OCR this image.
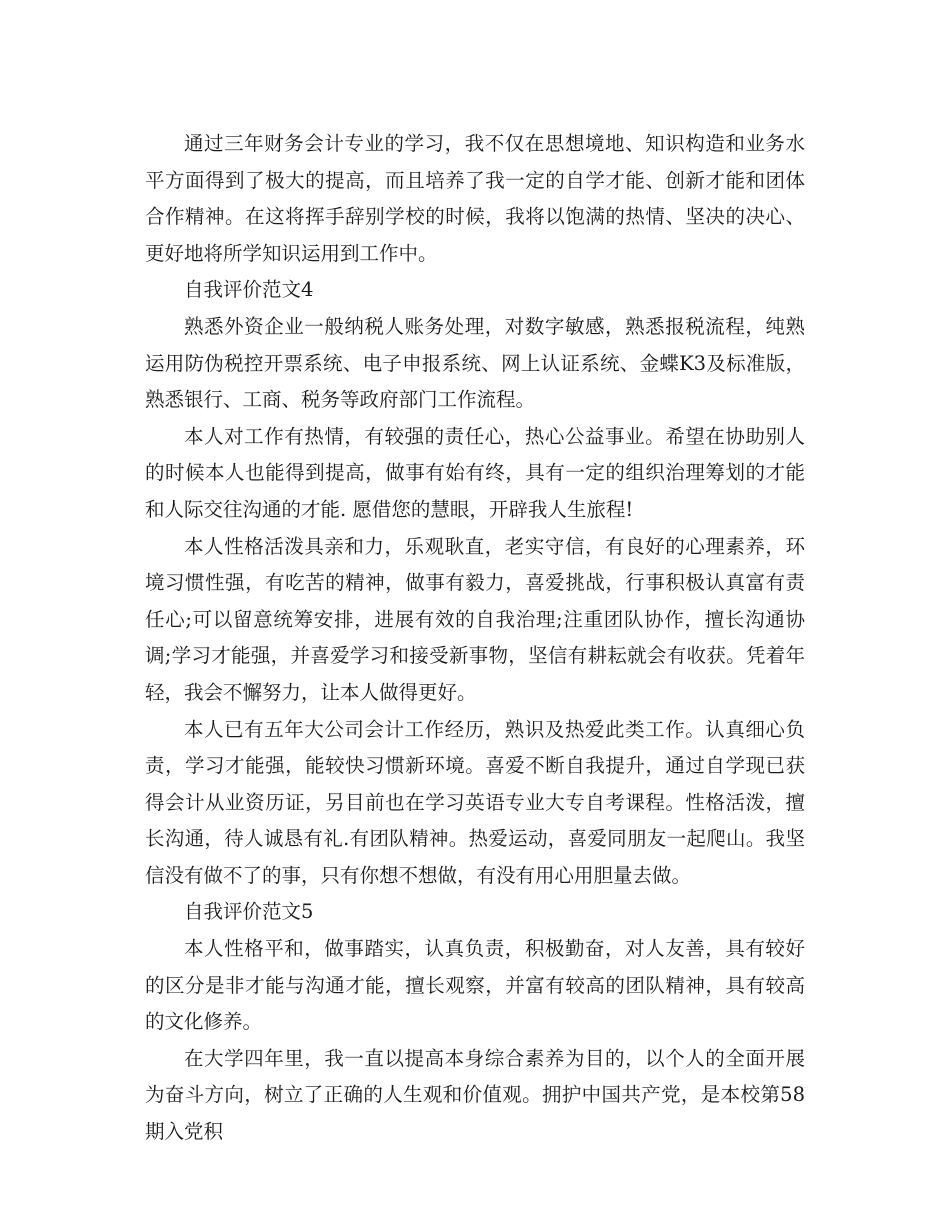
通过三年财务会计专业的学习，我不仅在思想境地、知识构造和业务水平方面得到了极大的提高，而且培养了我一定的自学才能、创新才能和团体合作精神。在这将挥手辞别学校的时候，我将以饱满的热情、坚决的决心、更好地将所学知识运用到工作中。

自我评价范文4

熟悉外资企业一般纳税人账务处理，对数字敏感，熟悉报税流程，纯熟运用防伪税控开票系统、电子申报系统、网上认证系统、金蝶K3及标准版，熟悉银行、工商、税务等政府部门工作流程。

本人对工作有热情，有较强的责任心，热心公益事业。希望在协助别人的时候本人也能得到提高，做事有始有终，具有一定的组织治理筹划的才能和人际交往沟通的才能. 愿借您的慧眼，开辟我人生旅程!

本人性格活泼具亲和力，乐观耿直，老实守信，有良好的心理素养，环境习惯性强，有吃苦的精神，做事有毅力，喜爱挑战，行事积极认真富有责任心;可以留意统筹安排，进展有效的自我治理;注重团队协作，擅长沟通协调;学习才能强，并喜爱学习和接受新事物，坚信有耕耘就会有收获。凭着年轻，我会不懈努力，让本人做得更好。

本人已有五年大公司会计工作经历，熟识及热爱此类工作。认真细心负责，学习才能强，能较快习惯新环境。喜爱不断自我提升，通过自学现已获得会计从业资历证，另目前也在学习英语专业大专自考课程。性格活泼，擅长沟通，待人诚恳有礼.有团队精神。热爱运动，喜爱同朋友一起爬山。我坚信没有做不了的事，只有你想不想做，有没有用心用胆量去做。

自我评价范文5

本人性格平和，做事踏实，认真负责，积极勤奋，对人友善，具有较好的区分是非才能与沟通才能，擅长观察，并富有较高的团队精神，具有较高的文化修养。

在大学四年里，我一直以提高本身综合素养为目的，以个人的全面开展为奋斗方向，树立了正确的人生观和价值观。拥护中国共产党，是本校第58期入党积
